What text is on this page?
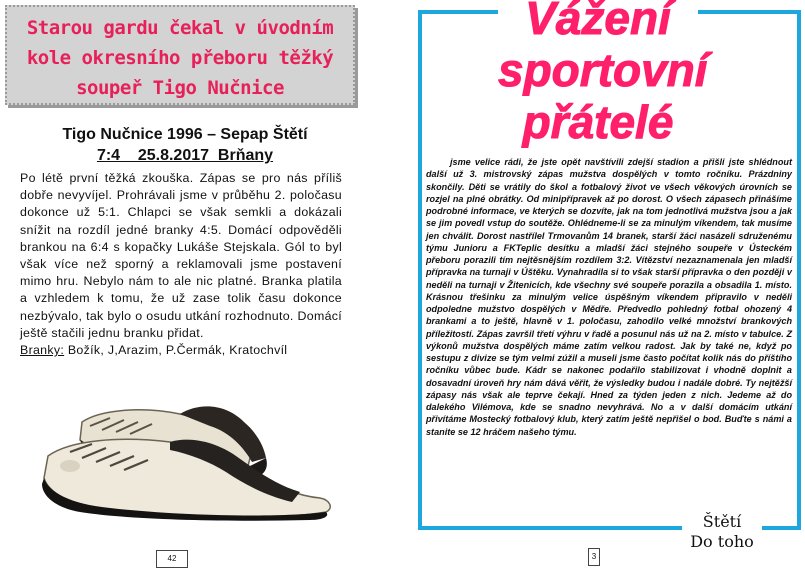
Starou gardu čekal v úvodním
kole okresního přeboru těžký
soupeř Tigo Nučnice
Tigo Nučnice 1996 – Sepap Štětí
7:4    25.8.2017  Brňany
Po létě první těžká zkouška. Zápas se pro nás příliš dobře nevyvíjel. Prohrávali jsme v průběhu 2. poločasu dokonce už 5:1. Chlapci se však semkli a dokázali snížit na rozdíl jedné branky 4:5. Domácí odpověděli brankou na 6:4 s kopačky Lukáše Stejskala. Gól to byl však více než sporný a reklamovali jsme postavení mimo hru. Nebylo nám to ale nic platné. Branka platila a vzhledem k tomu, že už zase tolik času dokonce nezbývalo, tak bylo o osudu utkání rozhodnuto. Domácí ještě stačili jednu branku přidat.
Branky: Božík, J,Arazim, P.Čermák, Kratochvíl
42
Vážení
sportovní
přátelé
jsme velice rádi, že jste opět navštívili zdejší stadion a přišli jste shlédnout další už 3. mistrovský zápas mužstva dospělých v tomto ročníku. Prázdniny skončily. Děti se vrátily do škol a fotbalový život ve všech věkových úrovních se rozjel na plné obrátky. Od minipřípravek až po dorost. O všech zápasech přinášíme podrobné informace, ve kterých se dozvíte, jak na tom jednotlivá mužstva jsou a jak se jim povedl vstup do soutěže. Ohlédneme-li se za minulým víkendem, tak musíme jen chválit. Dorost nastřílel Trmovanům 14 branek, starší žáci nasázeli sdruženému týmu Junioru a FKTeplic desítku a mladší žáci stejného soupeře v Ústeckém přeboru porazili tím nejtěsnějším rozdílem 3:2. Vítězství nezaznamenala jen mladší přípravka na turnaji v Úštěku. Vynahradila si to však starší přípravka o den později v neděli na turnaji v Žitenicích, kde všechny své soupeře porazila a obsadila 1. místo. Krásnou třešinku za minulým velice úspěšným víkendem připravilo v neděli odpoledne mužstvo dospělých v Mědře. Předvedlo pohledný fotbal ohozený 4 brankami a to ještě, hlavně v 1. poločasu, zahodilo velké množství brankových příležitostí. Zápas završil třetí výhru v řadě a posunul nás už na 2. místo v tabulce. Z výkonů mužstva dospělých máme zatím velkou radost. Jak by také ne, když po sestupu z divize se tým velmi zúžil a museli jsme často počítat kolik nás do příštího ročníku vůbec bude. Kádr se nakonec podařilo stabilizovat i vhodně doplnit a dosavadní úroveň hry nám dává věřit, že výsledky budou i nadále dobré. Ty nejtěžší zápasy nás však ale teprve čekají. Hned za týden jeden z nich. Jedeme až do dalekého Vilémova, kde se snadno nevyhrává. No a v další domácím utkání přivítáme Mostecký fotbalový klub, který zatím ještě nepřišel o bod. Buďte s námi a stanite se 12 hráčem našeho týmu.
Štětí
Do toho
3
